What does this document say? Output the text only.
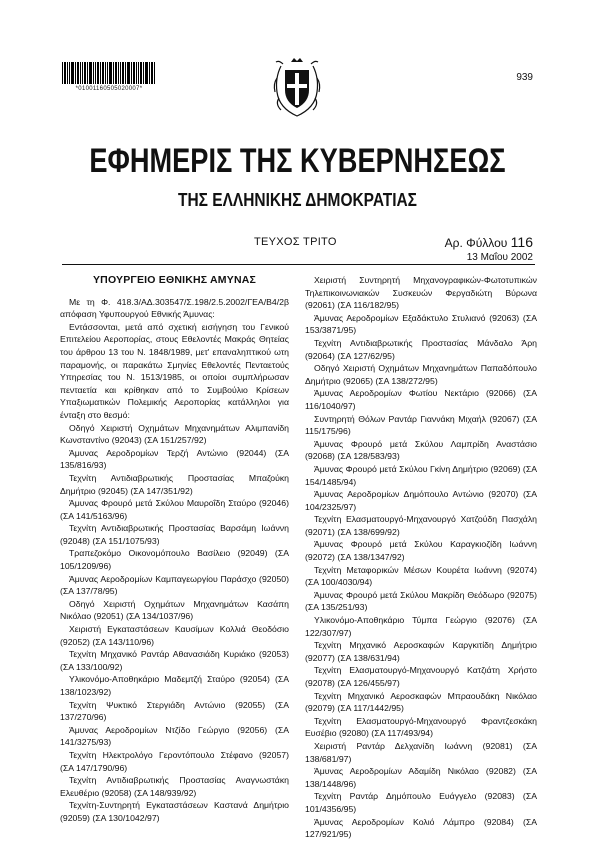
*01001160505020007*
939
ΕΦΗΜΕΡΙΣ ΤΗΣ ΚΥΒΕΡΝΗΣΕΩΣ
ΤΗΣ ΕΛΛΗΝΙΚΗΣ ΔΗΜΟΚΡΑΤΙΑΣ
ΤΕΥΧΟΣ ΤΡΙΤΟ	Αρ. Φύλλου 116
13 Μαΐου 2002
ΥΠΟΥΡΓΕΙΟ ΕΘΝΙΚΗΣ ΑΜΥΝΑΣ

Με τη Φ. 418.3/ΑΔ.303547/Σ.198/2.5.2002/ΓΕΑ/Β4/2β απόφαση Υφυπουργού Εθνικής Άμυνας:

Εντάσσονται, μετά από σχετική εισήγηση του Γενικού Επιτελείου Αεροπορίας, στους Εθελοντές Μακράς Θητείας του άρθρου 13 του Ν. 1848/1989, μετ' επαναληπτικού ωτη παραμονής, οι παρακάτω Σμηνίες Εθελοντές Πενταετούς Υπηρεσίας του Ν. 1513/1985, οι οποίοι συμπλήρωσαν πενταετία και κρίθηκαν από το Συμβούλιο Κρίσεων Υπαξιωματικών Πολεμικής Αεροπορίας κατάλληλοι για ένταξη στο θεσμό:

Οδηγό Χειριστή Οχημάτων Μηχανημάτων Αλιμπανίδη Κωνσταντίνο (92043) (ΣΑ 151/257/92)

Άμυνας Αεροδρομίων Τερζή Αντώνιο (92044) (ΣΑ 135/816/93)

Τεχνίτη Αντιδιαβρωτικής Προστασίας Μπαζούκη Δημήτριο (92045) (ΣΑ 147/351/92)

Άμυνας Φρουρό μετά Σκύλου Μαυροΐδη Σταύρο (92046) (ΣΑ 141/5163/96)

Τεχνίτη Αντιδιαβρωτικής Προστασίας Βαρσάμη Ιωάννη (92048) (ΣΑ 151/1075/93)

Τραπεζοκόμο Οικονομόπουλο Βασίλειο (92049) (ΣΑ 105/1209/96)

Άμυνας Αεροδρομίων Καμπαγεωργίου Παράσχο (92050) (ΣΑ 137/78/95)

Οδηγό Χειριστή Οχημάτων Μηχανημάτων Κασάπη Νικόλαο (92051) (ΣΑ 134/1037/96)

Χειριστή Εγκαταστάσεων Καυσίμων Κολλιά Θεοδόσιο (92052) (ΣΑ 143/110/96)

Τεχνίτη Μηχανικό Ραντάρ Αθανασιάδη Κυριάκο (92053) (ΣΑ 133/100/92)

Υλικονόμο-Αποθηκάριο Μαδεμτζή Σταύρο (92054) (ΣΑ 138/1023/92)

Τεχνίτη Ψυκτικό Στεργιάδη Αντώνιο (92055) (ΣΑ 137/270/96)

Άμυνας Αεροδρομίων Ντζίδο Γεώργιο (92056) (ΣΑ 141/3275/93)

Τεχνίτη Ηλεκτρολόγο Γεροντόπουλο Στέφανο (92057) (ΣΑ 147/1790/96)

Τεχνίτη Αντιδιαβρωτικής Προστασίας Αναγνωστάκη Ελευθέριο (92058) (ΣΑ 148/939/92)

Τεχνίτη-Συντηρητή Εγκαταστάσεων Καστανά Δημήτριο (92059) (ΣΑ 130/1042/97)

Χειριστή Συντηρητή Μηχανογραφικών-Φωτοτυπικών Τηλεπικοινωνιακών Συσκευών Φεργαδιώτη Βύρωνα (92061) (ΣΑ 116/182/95)

Άμυνας Αεροδρομίων Εξαδάκτυλο Στυλιανό (92063) (ΣΑ 153/3871/95)

Τεχνίτη Αντιδιαβρωτικής Προστασίας Μάνδαλο Άρη (92064) (ΣΑ 127/62/95)

Οδηγό Χειριστή Οχημάτων Μηχανημάτων Παπαδόπουλο Δημήτριο (92065) (ΣΑ 138/272/95)

Άμυνας Αεροδρομίων Φωτίου Νεκτάριο (92066) (ΣΑ 116/1040/97)

Συντηρητή Θόλων Ραντάρ Γιαννάκη Μιχαήλ (92067) (ΣΑ 115/175/96)

Άμυνας Φρουρό μετά Σκύλου Λαμπρίδη Αναστάσιο (92068) (ΣΑ 128/583/93)

Άμυνας Φρουρό μετά Σκύλου Γκίνη Δημήτριο (92069) (ΣΑ 154/1485/94)

Άμυνας Αεροδρομίων Δημόπουλο Αντώνιο (92070) (ΣΑ 104/2325/97)

Τεχνίτη Ελασματουργό-Μηχανουργό Χατζούδη Πασχάλη (92071) (ΣΑ 138/699/92)

Άμυνας Φρουρό μετά Σκύλου Καραγκιοζίδη Ιωάννη (92072) (ΣΑ 138/1347/92)

Τεχνίτη Μεταφορικών Μέσων Κουρέτα Ιωάννη (92074) (ΣΑ 100/4030/94)

Άμυνας Φρουρό μετά Σκύλου Μακρίδη Θεόδωρο (92075) (ΣΑ 135/251/93)

Υλικονόμο-Αποθηκάριο Τύμπα Γεώργιο (92076) (ΣΑ 122/307/97)

Τεχνίτη Μηχανικό Αεροσκαφών Καργκιτίδη Δημήτριο (92077) (ΣΑ 138/631/94)

Τεχνίτη Ελασματουργό-Μηχανουργό Κατζιάτη Χρήστο (92078) (ΣΑ 126/455/97)

Τεχνίτη Μηχανικό Αεροσκαφών Μπραουδάκη Νικόλαο (92079) (ΣΑ 117/1442/95)

Τεχνίτη Ελασματουργό-Μηχανουργό Φραντζεσκάκη Ευσέβιο (92080) (ΣΑ 117/493/94)

Χειριστή Ραντάρ Δελχανίδη Ιωάννη (92081) (ΣΑ 138/681/97)

Άμυνας Αεροδρομίων Αδαμίδη Νικόλαο (92082) (ΣΑ 138/1448/96)

Τεχνίτη Ραντάρ Δημόπουλο Ευάγγελο (92083) (ΣΑ 101/4356/95)

Άμυνας Αεροδρομίων Κολιό Λάμπρο (92084) (ΣΑ 127/921/95)
